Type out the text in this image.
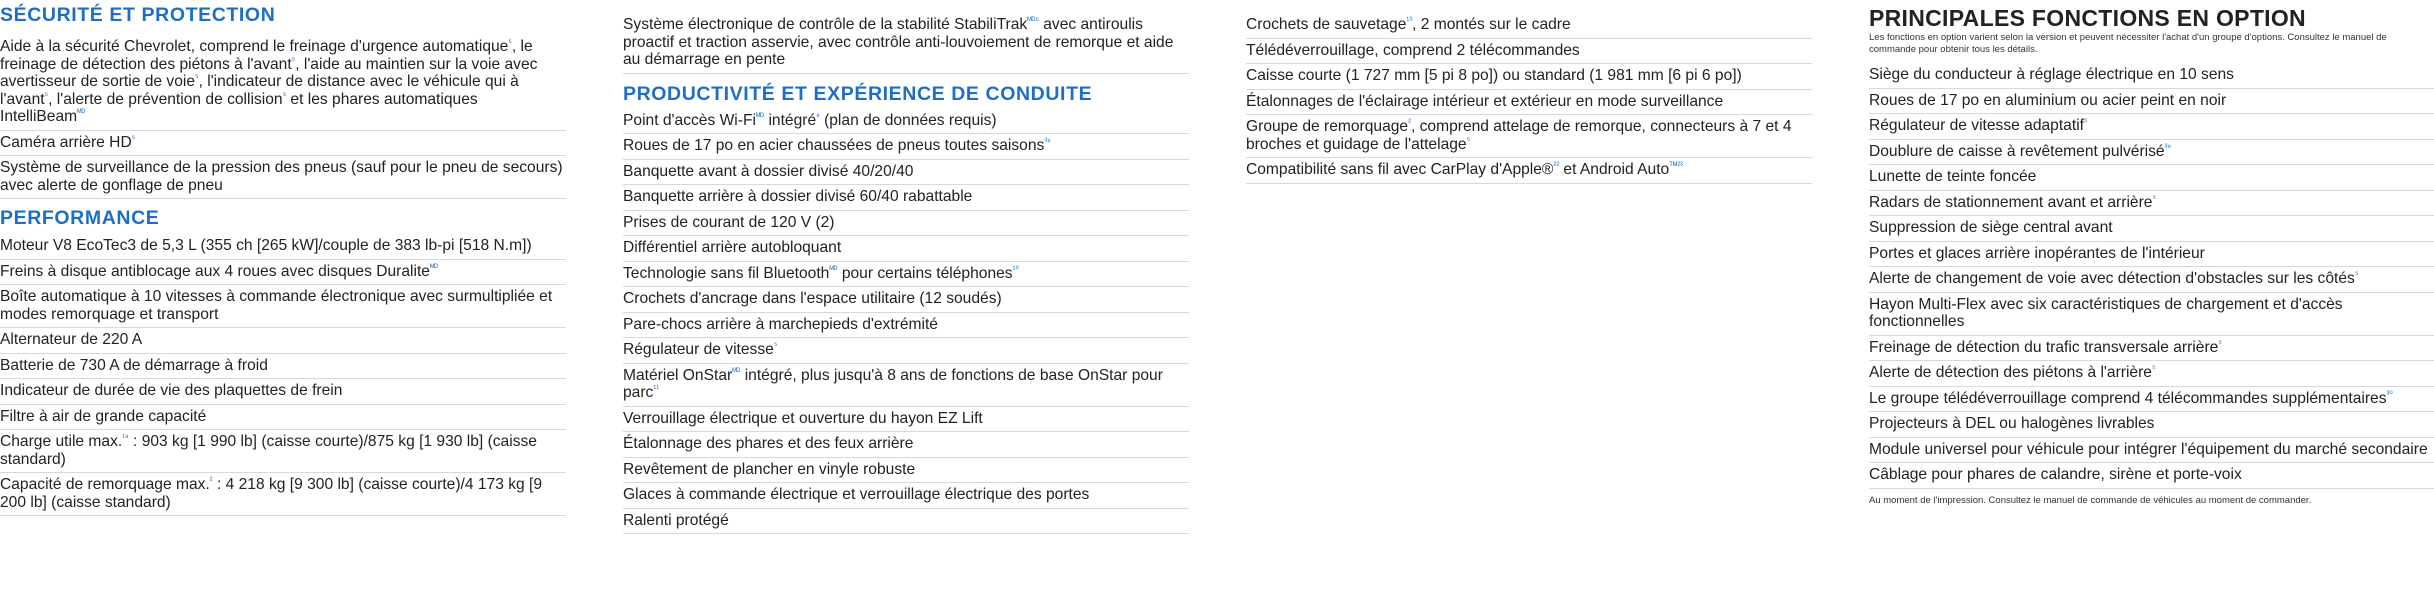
SÉCURITÉ ET PROTECTION
Aide à la sécurité Chevrolet, comprend le freinage d'urgence automatique$^{^5}$, le freinage de détection des piétons à l'avant$^{^5}$, l'aide au maintien sur la voie avec avertisseur de sortie de voie$^{^5}$, l'indicateur de distance avec le véhicule qui à l'avant$^{^5}$, l'alerte de prévention de collision$^{^5}$ et les phares automatiques IntelliBeam$^{ᴹᴰ}$
Caméra arrière $HD^{^5}$
Système de surveillance de la pression des pneus (sauf pour le pneu de secours) avec alerte de gonflage de pneu
PERFORMANCE
Moteur V8 EcoTec3 de 5,3 L (355 ch [265 kW]/couple de 383 lb-pi [518 N.m])
Freins à disque antiblocage aux 4 roues avec disques Duralite$^{ᴹᴰ}$
Boîte automatique à 10 vitesses à commande électronique avec surmultipliée et modes remorquage et transport
Alternateur de 220 A
Batterie de 730 A de démarrage à froid
Indicateur de durée de vie des plaquettes de frein
Filtre à air de grande capacité
Charge utile max.$^{^{19}}$ : 903 kg [1 990 lb] (caisse courte)/875 kg [1 930 lb] (caisse standard)
Capacité de remorquage max.$^{^2}$ : 4 218 kg [9 300 lb] (caisse courte)/4 173 kg [9 200 lb] (caisse standard)
Système électronique de contrôle de la stabilité StabiliTrak$^{ᴹᴰ^5}$ avec antiroulis proactif et traction asservie, avec contrôle anti-louvoiement de remorque et aide au démarrage en pente
PRODUCTIVITÉ ET EXPÉRIENCE DE CONDUITE
Point d'accès $Wi-Fi^{ᴹᴰ}$ intégré$^{^8}$ (plan de données requis)
Roues de 17 po en acier chaussées de pneus toutes saisons$^{^{38}}$
Banquette avant à dossier divisé 40/20/40
Banquette arrière à dossier divisé 60/40 rabattable
Prises de courant de 120 V (2)
Différentiel arrière autobloquant
Technologie sans fil Bluetooth$^{ᴹᴰ}$ pour certains téléphones$^{^{10}}$
Crochets d'ancrage dans l'espace utilitaire (12 soudés)
Pare-chocs arrière à marchepieds d'extrémité
Régulateur de vitesse$^{^5}$
Matériel OnStar$^{ᴹᴰ}$ intégré, plus jusqu'à 8 ans de fonctions de base OnStar pour parc$^{^{11}}$
Verrouillage électrique et ouverture du hayon EZ Lift
Étalonnage des phares et des feux arrière
Revêtement de plancher en vinyle robuste
Glaces à commande électrique et verrouillage électrique des portes
Ralenti protégé
Crochets de sauvetage$^{^{13}}$, 2 montés sur le cadre
Télédéverrouillage, comprend 2 télécommandes
Caisse courte (1 727 mm [5 pi 8 po]) ou standard (1 981 mm [6 pi 6 po])
Étalonnages de l'éclairage intérieur et extérieur en mode surveillance
Groupe de remorquage$^{^2}$, comprend attelage de remorque, connecteurs à 7 et 4 broches et guidage de l'attelage$^{^5}$
Compatibilité sans fil avec CarPlay d'Apple®$^{^{22}}$ et Android Auto$^{ᵀᴹ^{23}}$
PRINCIPALES FONCTIONS EN OPTION
Les fonctions en option varient selon la version et peuvent nécessiter l'achat d'un groupe d'options. Consultez le manuel de commande pour obtenir tous les détails.
Siège du conducteur à réglage électrique en 10 sens
Roues de 17 po en aluminium ou acier peint en noir
Régulateur de vitesse adaptatif$^{^5}$
Doublure de caisse à revêtement pulvérisé$^{^{39}}$
Lunette de teinte foncée
Radars de stationnement avant et arrière$^{^5}$
Suppression de siège central avant
Portes et glaces arrière inopérantes de l'intérieur
Alerte de changement de voie avec détection d'obstacles sur les côtés$^{^5}$
Hayon Multi-Flex avec six caractéristiques de chargement et d'accès fonctionnelles
Freinage de détection du trafic transversale arrière$^{^5}$
Alerte de détection des piétons à l'arrière$^{^5}$
Le groupe télédéverrouillage comprend 4 télécommandes supplémentaires$^{^{30}}$
Projecteurs à DEL ou halogènes livrables
Module universel pour véhicule pour intégrer l'équipement du marché secondaire
Câblage pour phares de calandre, sirène et porte-voix
Au moment de l'impression. Consultez le manuel de commande de véhicules au moment de commander.
